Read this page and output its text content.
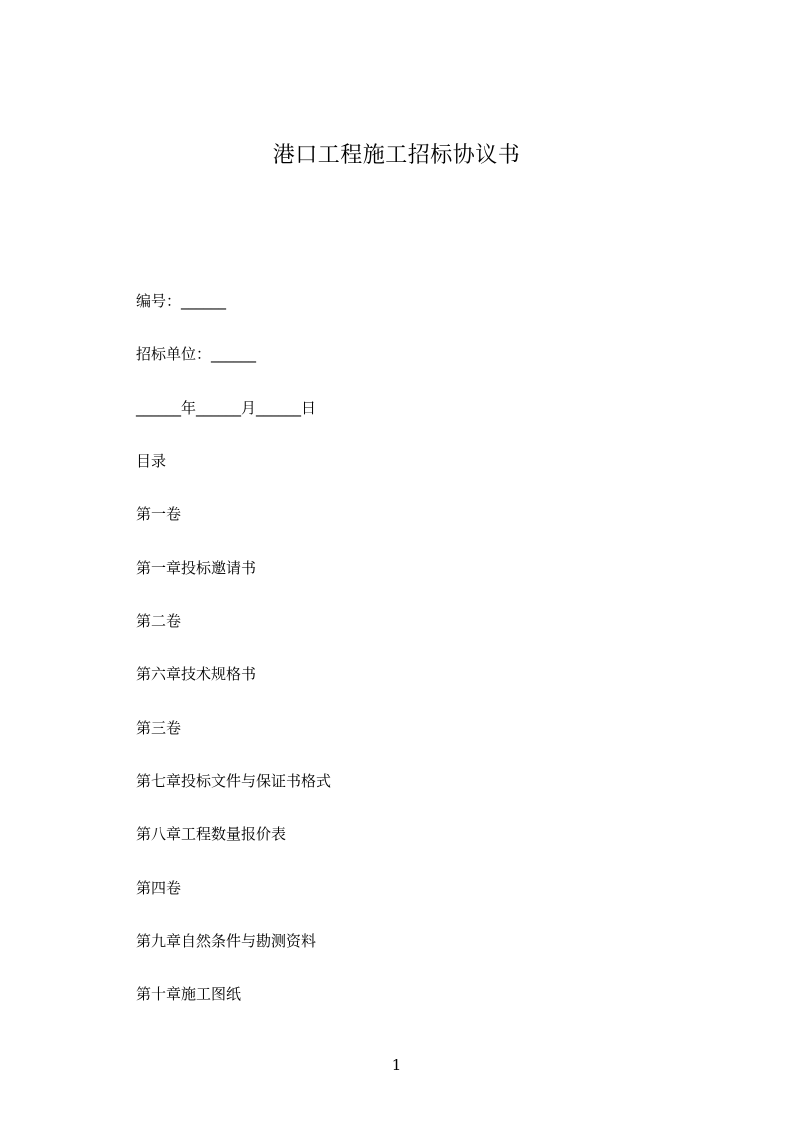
港口工程施工招标协议书
编号：______
招标单位：______
______年______月______日
目录
第一卷
第一章投标邀请书
第二卷
第六章技术规格书
第三卷
第七章投标文件与保证书格式
第八章工程数量报价表
第四卷
第九章自然条件与勘测资料
第十章施工图纸
1
